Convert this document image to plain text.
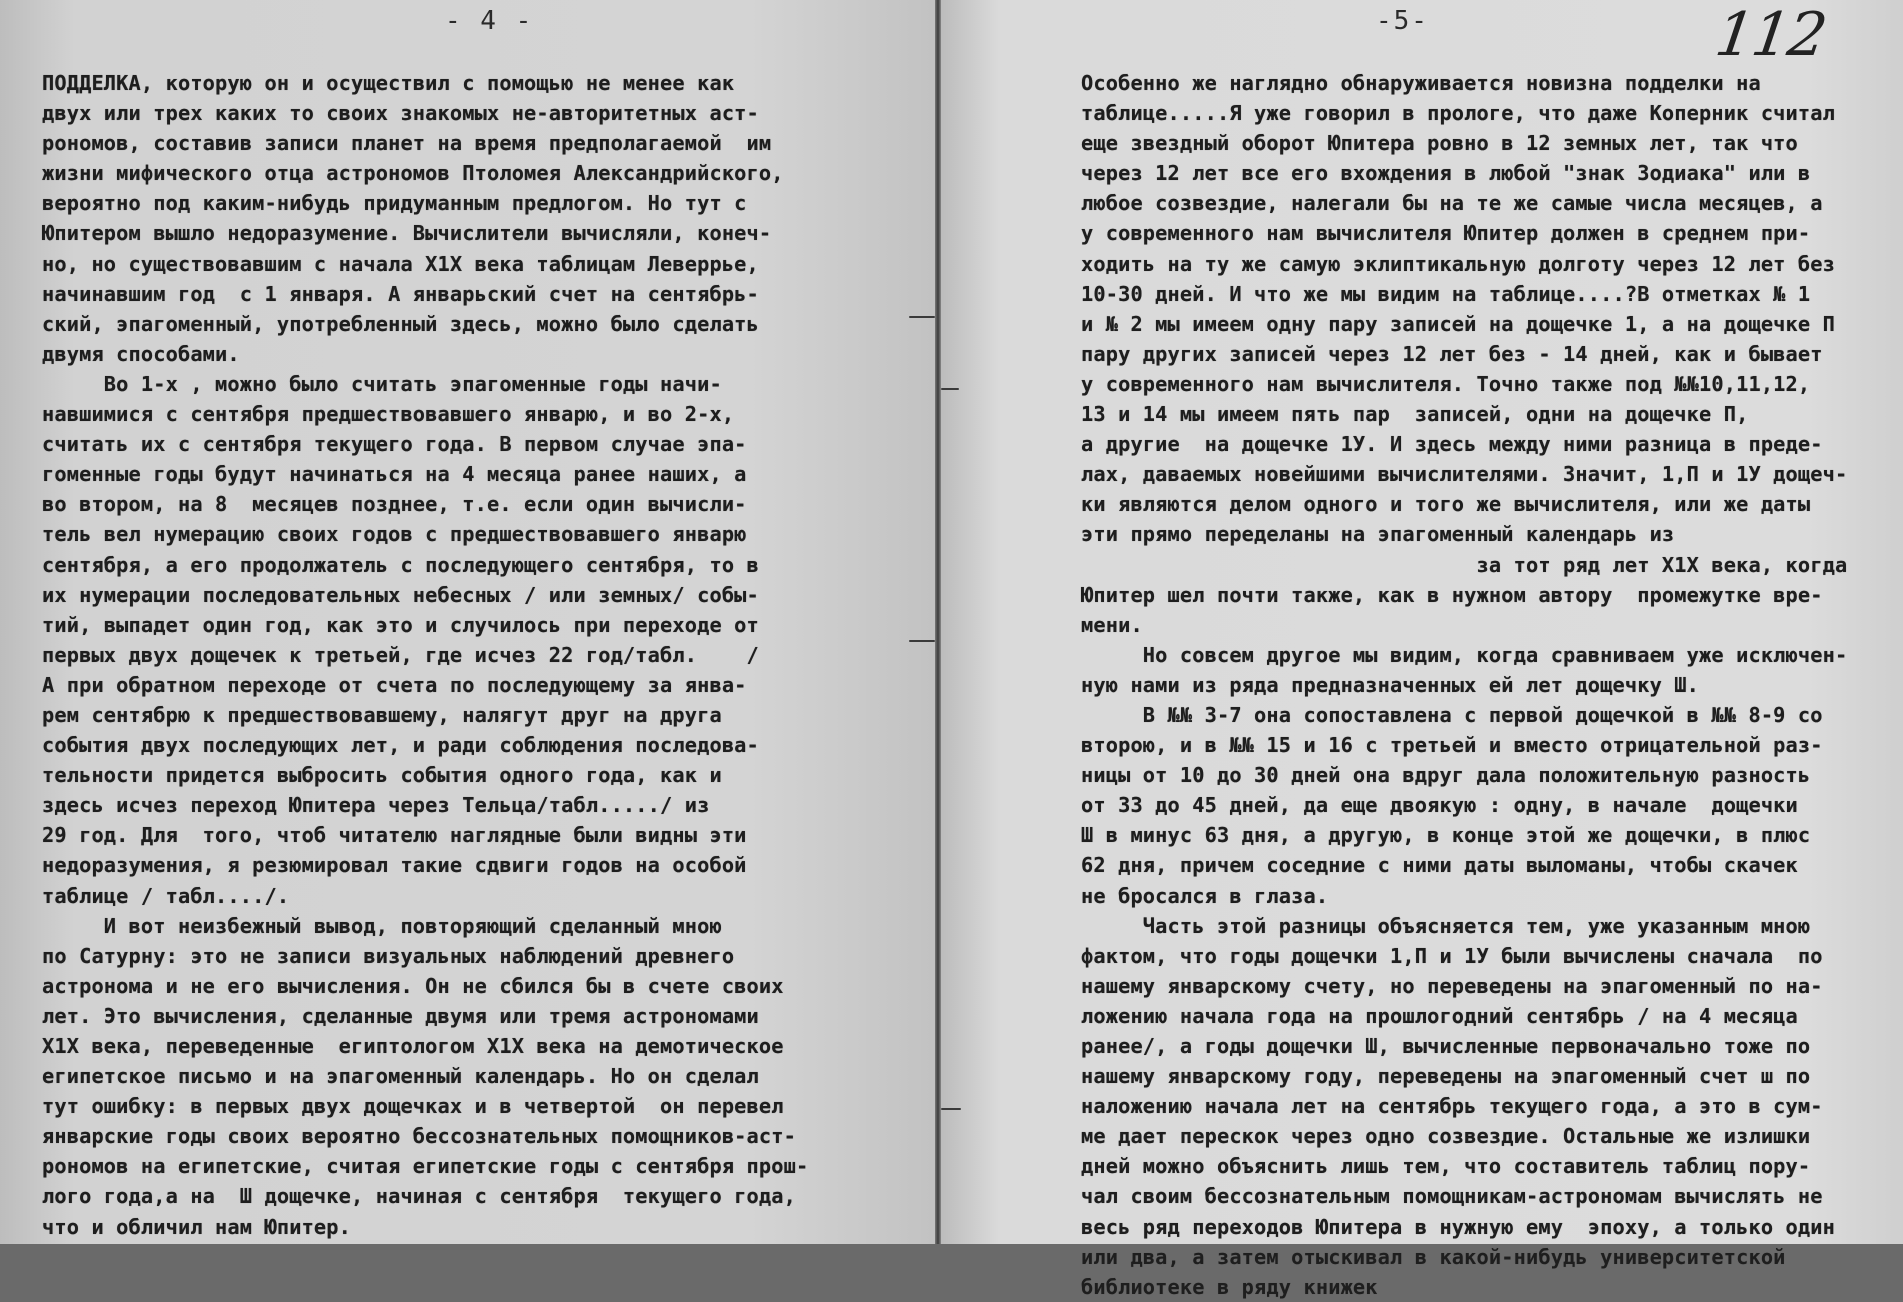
- 4 -
ПОДДЕЛКА, которую он и осуществил с помощью не менее как
двух или трех каких то своих знакомых не-авторитетных аст-
рономов, составив записи планет на время предполагаемой  им
жизни мифического отца астрономов Птоломея Александрийского,
вероятно под каким-нибудь придуманным предлогом. Но тут с
Юпитером вышло недоразумение. Вычислители вычисляли, конеч-
но, но существовавшим с начала Х1Х века таблицам Леверрье,
начинавшим год  с 1 января. А январьский счет на сентябрь-
ский, эпагоменный, употребленный здесь, можно было сделать
двумя способами.
Во 1-х , можно было считать эпагоменные годы начи-
навшимися с сентября предшествовавшего январю, и во 2-х,
считать их с сентября текущего года. В первом случае эпа-
гоменные годы будут начинаться на 4 месяца ранее наших, а
во втором, на 8  месяцев позднее, т.е. если один вычисли-
тель вел нумерацию своих годов с предшествовавшего январю
сентября, а его продолжатель с последующего сентября, то в
их нумерации последовательных небесных / или земных/ собы-
тий, выпадет один год, как это и случилось при переходе от
первых двух дощечек к третьей, где исчез 22 год/табл.    /
А при обратном переходе от счета по последующему за янва-
рем сентябрю к предшествовавшему, налягут друг на друга
события двух последующих лет, и ради соблюдения последова-
тельности придется выбросить события одного года, как и
здесь исчез переход Юпитера через Тельца/табл...../ из
29 год. Для  того, чтоб читателю наглядные были видны эти
недоразумения, я резюмировал такие сдвиги годов на особой
таблице / табл..../.
И вот неизбежный вывод, повторяющий сделанный мною
по Сатурну: это не записи визуальных наблюдений древнего
астронома и не его вычисления. Он не сбился бы в счете своих
лет. Это вычисления, сделанные двумя или тремя астрономами
Х1Х века, переведенные  египтологом Х1Х века на демотическое
египетское письмо и на эпагоменный календарь. Но он сделал
тут ошибку: в первых двух дощечках и в четвертой  он перевел
январские годы своих вероятно бессознательных помощников-аст-
рономов на египетские, считая египетские годы с сентября прош-
лого года,а на  Ш дощечке, начиная с сентября  текущего года,
что и обличил нам Юпитер.
-5-	112
Особенно же наглядно обнаруживается новизна подделки на
таблице.....Я уже говорил в прологе, что даже Коперник считал
еще звездный оборот Юпитера ровно в 12 земных лет, так что
через 12 лет все его вхождения в любой "знак Зодиака" или в
любое созвездие, налегали бы на те же самые числа месяцев, а
у современного нам вычислителя Юпитер должен в среднем при-
ходить на ту же самую эклиптикальную долготу через 12 лет без
10-30 дней. И что же мы видим на таблице....?В отметках № 1
и № 2 мы имеем одну пару записей на дощечке 1, а на дощечке П
пару других записей через 12 лет без - 14 дней, как и бывает
у современного нам вычислителя. Точно также под №№10,11,12,
13 и 14 мы имеем пять пар  записей, одни на дощечке П,
а другие  на дощечке 1У. И здесь между ними разница в преде-
лах, даваемых новейшими вычислителями. Значит, 1,П и 1У дощеч-
ки являются делом одного и того же вычислителя, или же даты
эти прямо переделаны на эпагоменный календарь из
за тот ряд лет Х1Х века, когда
Юпитер шел почти также, как в нужном автору  промежутке вре-
мени.
Но совсем другое мы видим, когда сравниваем уже исключен-
ную нами из ряда предназначенных ей лет дощечку Ш.
В №№ 3-7 она сопоставлена с первой дощечкой в №№ 8-9 со
второю, и в №№ 15 и 16 с третьей и вместо отрицательной раз-
ницы от 10 до 30 дней она вдруг дала положительную разность
от 33 до 45 дней, да еще двоякую : одну, в начале  дощечки
Ш в минус 63 дня, а другую, в конце этой же дощечки, в плюс
62 дня, причем соседние с ними даты выломаны, чтобы скачек
не бросался в глаза.
Часть этой разницы объясняется тем, уже указанным мною
фактом, что годы дощечки 1,П и 1У были вычислены сначала  по
нашему январскому счету, но переведены на эпагоменный по на-
ложению начала года на прошлогодний сентябрь / на 4 месяца
ранее/, а годы дощечки Ш, вычисленные первоначально тоже по
нашему январскому году, переведены на эпагоменный счет ш по
наложению начала лет на сентябрь текущего года, а это в сум-
ме дает перескок через одно созвездие. Остальные же излишки
дней можно объяснить лишь тем, что составитель таблиц пору-
чал своим бессознательным помощникам-астрономам вычислять не
весь ряд переходов Юпитера в нужную ему  эпоху, а только один
или два, а затем отыскивал в какой-нибудь университетской
библиотеке в ряду книжек
